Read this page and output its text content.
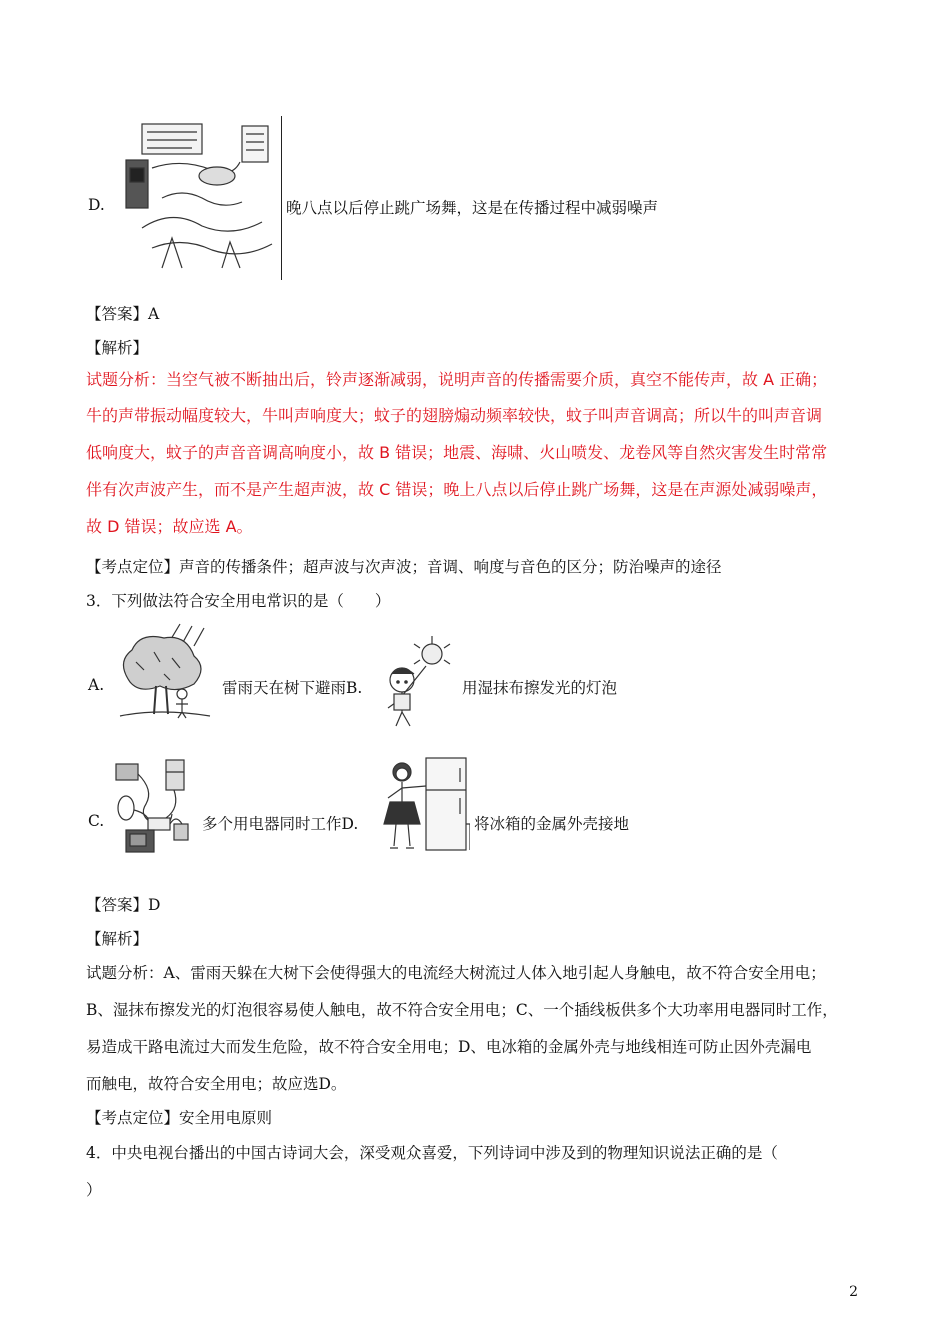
D.	晚八点以后停止跳广场舞，这是在传播过程中减弱噪声
【答案】A
【解析】
试题分析：当空气被不断抽出后，铃声逐渐减弱，说明声音的传播需要介质，真空不能传声，故 A 正确；
牛的声带振动幅度较大，牛叫声响度大；蚊子的翅膀煽动频率较快，蚊子叫声音调高；所以牛的叫声音调
低响度大，蚊子的声音音调高响度小，故 B 错误；地震、海啸、火山喷发、龙卷风等自然灾害发生时常常
伴有次声波产生，而不是产生超声波，故 C 错误；晚上八点以后停止跳广场舞，这是在声源处减弱噪声，
故 D 错误；故应选 A。
【考点定位】声音的传播条件；超声波与次声波；音调、响度与音色的区分；防治噪声的途径
3．下列做法符合安全用电常识的是（　　）
A.	雷雨天在树下避雨B.	用湿抹布擦发光的灯泡
C.	多个用电器同时工作D.	将冰箱的金属外壳接地
【答案】D
【解析】
试题分析：A、雷雨天躲在大树下会使得强大的电流经大树流过人体入地引起人身触电，故不符合安全用电；
B、湿抹布擦发光的灯泡很容易使人触电，故不符合安全用电；C、一个插线板供多个大功率用电器同时工作，
易造成干路电流过大而发生危险，故不符合安全用电；D、电冰箱的金属外壳与地线相连可防止因外壳漏电
而触电，故符合安全用电；故应选D。
【考点定位】安全用电原则
4．中央电视台播出的中国古诗词大会，深受观众喜爱，下列诗词中涉及到的物理知识说法正确的是（
）
2
